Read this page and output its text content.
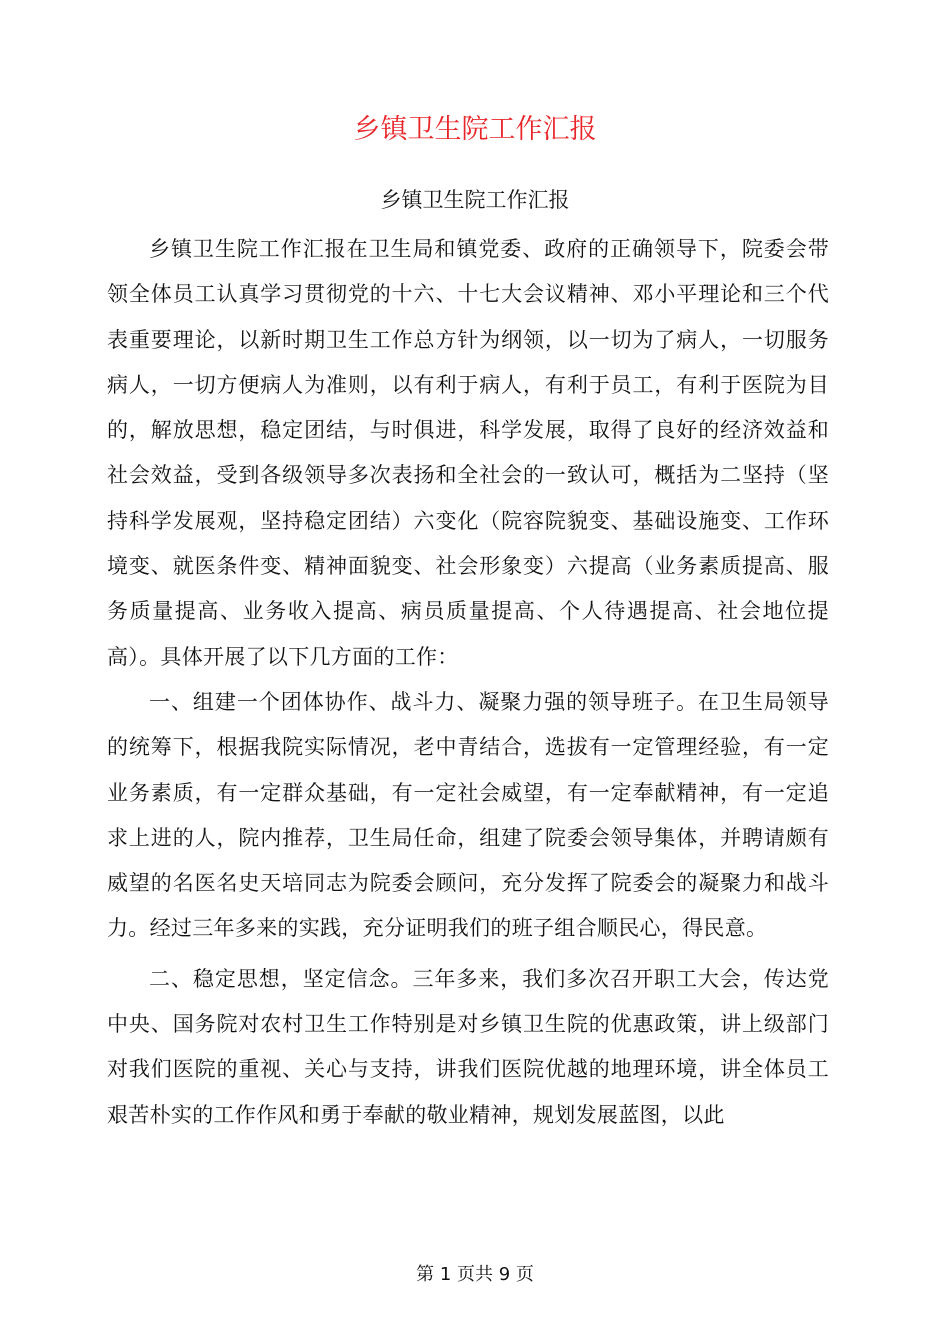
乡镇卫生院工作汇报
乡镇卫生院工作汇报

乡镇卫生院工作汇报在卫生局和镇党委、政府的正确领导下，院委会带领全体员工认真学习贯彻党的十六、十七大会议精神、邓小平理论和三个代表重要理论，以新时期卫生工作总方针为纲领，以一切为了病人，一切服务病人，一切方便病人为准则，以有利于病人，有利于员工，有利于医院为目的，解放思想，稳定团结，与时俱进，科学发展，取得了良好的经济效益和社会效益，受到各级领导多次表扬和全社会的一致认可，概括为二坚持（坚持科学发展观，坚持稳定团结）六变化（院容院貌变、基础设施变、工作环境变、就医条件变、精神面貌变、社会形象变）六提高（业务素质提高、服务质量提高、业务收入提高、病员质量提高、个人待遇提高、社会地位提高）。具体开展了以下几方面的工作：

一、组建一个团体协作、战斗力、凝聚力强的领导班子。在卫生局领导的统筹下，根据我院实际情况，老中青结合，选拔有一定管理经验，有一定业务素质，有一定群众基础，有一定社会威望，有一定奉献精神，有一定追求上进的人，院内推荐，卫生局任命，组建了院委会领导集体，并聘请颇有威望的名医名史天培同志为院委会顾问，充分发挥了院委会的凝聚力和战斗力。经过三年多来的实践，充分证明我们的班子组合顺民心，得民意。

二、稳定思想，坚定信念。三年多来，我们多次召开职工大会，传达党中央、国务院对农村卫生工作特别是对乡镇卫生院的优惠政策，讲上级部门对我们医院的重视、关心与支持，讲我们医院优越的地理环境，讲全体员工艰苦朴实的工作作风和勇于奉献的敬业精神，规划发展蓝图，以此

第 1 页共 9 页
